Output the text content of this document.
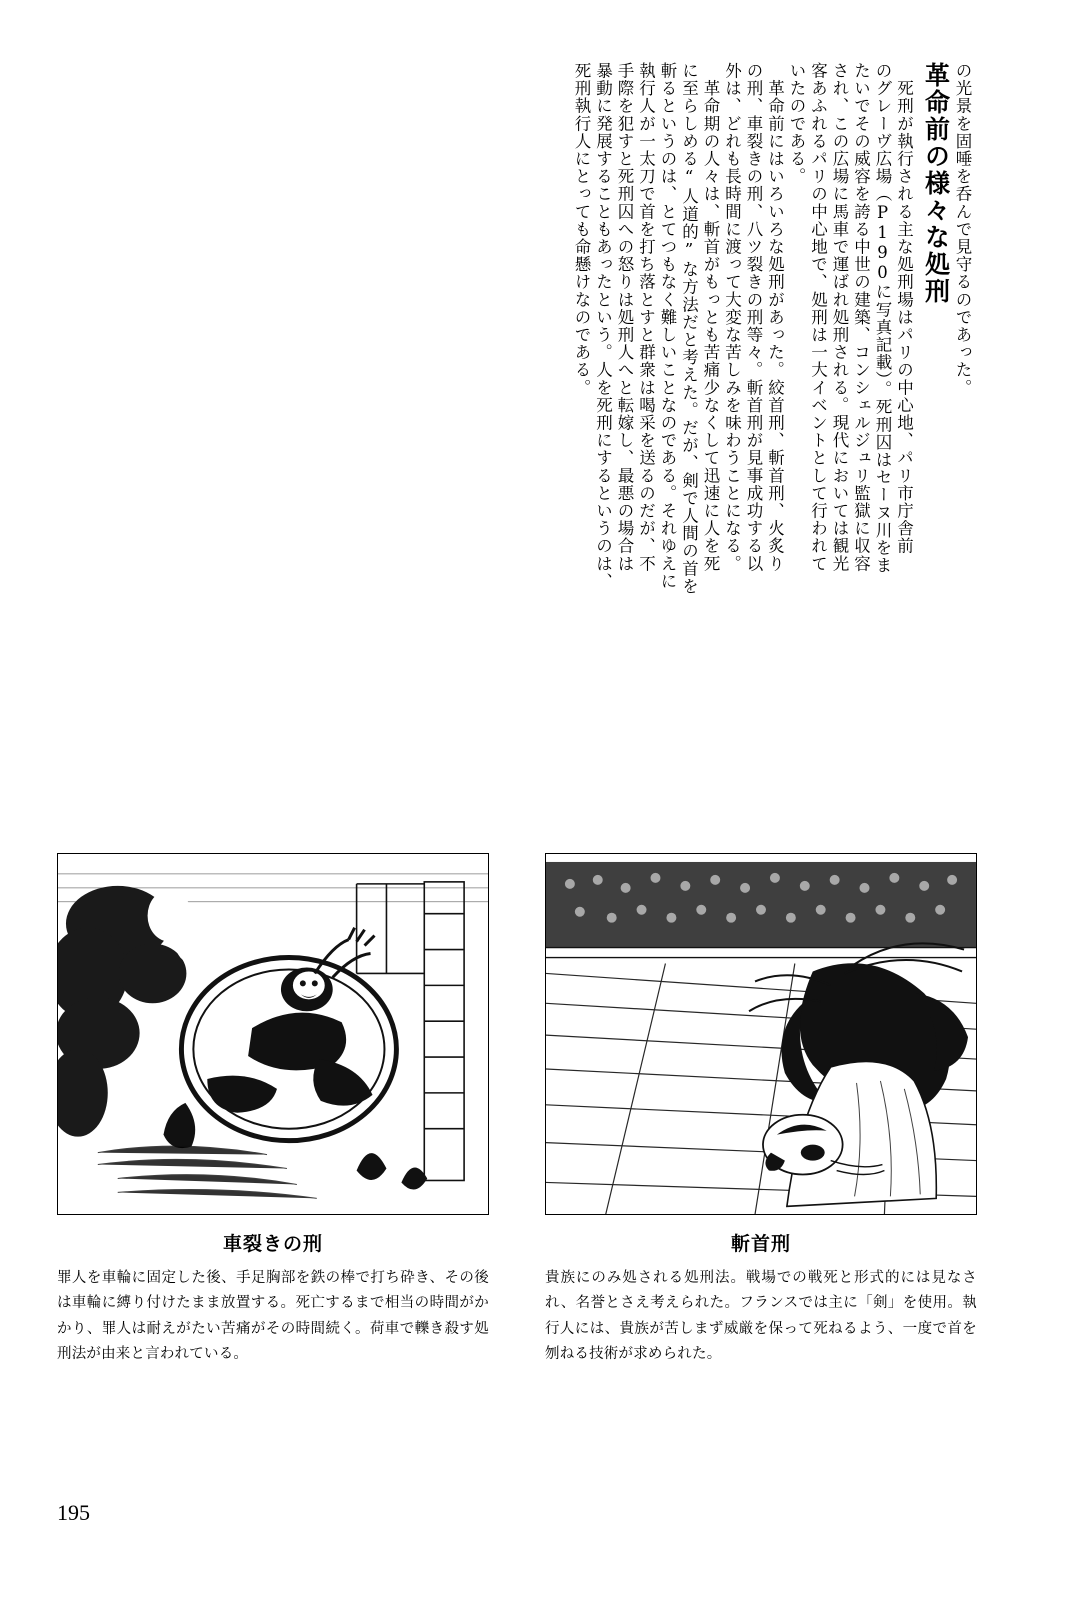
の光景を固唾を呑んで見守るのであった。
革命前の様々な処刑
　死刑が執行される主な処刑場はパリの中心地、パリ市庁舎前
のグレーヴ広場（P190に写真記載）。死刑囚はセーヌ川をま
たいでその威容を誇る中世の建築、コンシェルジュリ監獄に収容
され、この広場に馬車で運ばれ処刑される。現代においては観光
客あふれるパリの中心地で、処刑は一大イベントとして行われて
いたのである。
　革命前にはいろいろな処刑があった。絞首刑、斬首刑、火炙り
の刑、車裂きの刑、八ツ裂きの刑等々。斬首刑が見事成功する以
外は、どれも長時間に渡って大変な苦しみを味わうことになる。
　革命期の人々は、斬首がもっとも苦痛少なくして迅速に人を死
に至らしめる“人道的”な方法だと考えた。だが、剣で人間の首を
斬るというのは、とてつもなく難しいことなのである。それゆえに
執行人が一太刀で首を打ち落とすと群衆は喝采を送るのだが、不
手際を犯すと死刑囚への怒りは処刑人へと転嫁し、最悪の場合は
暴動に発展することもあったという。人を死刑にするというのは、
死刑執行人にとっても命懸けなのである。
車裂きの刑
罪人を車輪に固定した後、手足胸部を鉄の棒で打ち砕き、その後は車輪に縛り付けたまま放置する。死亡するまで相当の時間がかかり、罪人は耐えがたい苦痛がその時間続く。荷車で轢き殺す処刑法が由来と言われている。
斬首刑
貴族にのみ処される処刑法。戦場での戦死と形式的には見なされ、名誉とさえ考えられた。フランスでは主に「剣」を使用。執行人には、貴族が苦しまず威厳を保って死ねるよう、一度で首を刎ねる技術が求められた。
195
